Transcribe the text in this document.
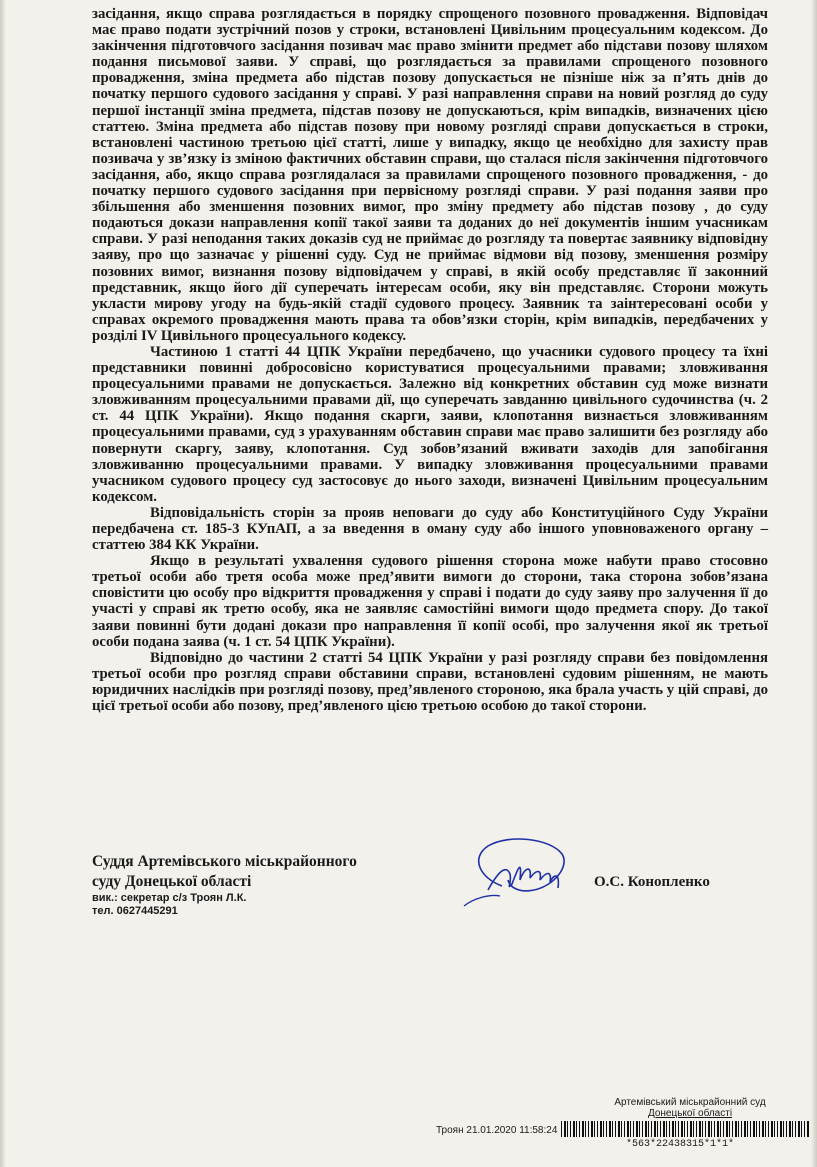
засідання, якщо справа розглядається в порядку спрощеного позовного провадження. Відповідач має право подати зустрічний позов у строки, встановлені Цивільним процесуальним кодексом. До закінчення підготовчого засідання позивач має право змінити предмет або підстави позову шляхом подання письмової заяви. У справі, що розглядається за правилами спрощеного позовного провадження, зміна предмета або підстав позову допускається не пізніше ніж за п’ять днів до початку першого судового засідання у справі. У разі направлення справи на новий розгляд до суду першої інстанції зміна предмета, підстав позову не допускаються, крім випадків, визначених цією статтею. Зміна предмета або підстав позову при новому розгляді справи допускається в строки, встановлені частиною третьою цієї статті, лише у випадку, якщо це необхідно для захисту прав позивача у зв’язку із зміною фактичних обставин справи, що сталася після закінчення підготовчого засідання, або, якщо справа розглядалася за правилами спрощеного позовного провадження, - до початку першого судового засідання при первісному розгляді справи. У разі подання заяви про збільшення або зменшення позовних вимог, про зміну предмету або підстав позову , до суду подаються докази направлення копії такої заяви та доданих до неї документів іншим учасникам справи. У разі неподання таких доказів суд не приймає до розгляду та повертає заявнику відповідну заяву, про що зазначає у рішенні суду. Суд не приймає відмови від позову, зменшення розміру позовних вимог, визнання позову відповідачем у справі, в якій особу представляє її законний представник, якщо його дії суперечать інтересам особи, яку він представляє. Сторони можуть укласти мирову угоду на будь-якій стадії судового процесу. Заявник та заінтересовані особи у справах окремого провадження мають права та обов’язки сторін, крім випадків, передбачених у розділі IV Цивільного процесуального кодексу.

Частиною 1 статті 44 ЦПК України передбачено, що учасники судового процесу та їхні представники повинні добросовісно користуватися процесуальними правами; зловживання процесуальними правами не допускається. Залежно від конкретних обставин суд може визнати зловживанням процесуальними правами дії, що суперечать завданню цивільного судочинства (ч. 2 ст. 44 ЦПК України). Якщо подання скарги, заяви, клопотання визнається зловживанням процесуальними правами, суд з урахуванням обставин справи має право залишити без розгляду або повернути скаргу, заяву, клопотання. Суд зобов’язаний вживати заходів для запобігання зловживанню процесуальними правами. У випадку зловживання процесуальними правами учасником судового процесу суд застосовує до нього заходи, визначені Цивільним процесуальним кодексом.

Відповідальність сторін за прояв неповаги до суду або Конституційного Суду України передбачена ст. 185-3 КУпАП, а за введення в оману суду або іншого уповноваженого органу – статтею 384 КК України.

Якщо в результаті ухвалення судового рішення сторона може набути право стосовно третьої особи або третя особа може пред’явити вимоги до сторони, така сторона зобов’язана сповістити цю особу про відкриття провадження у справі і подати до суду заяву про залучення її до участі у справі як третю особу, яка не заявляє самостійні вимоги щодо предмета спору. До такої заяви повинні бути додані докази про направлення її копії особі, про залучення якої як третьої особи подана заява (ч. 1 ст. 54 ЦПК України).

Відповідно до частини 2 статті 54 ЦПК України у разі розгляду справи без повідомлення третьої особи про розгляд справи обставини справи, встановлені судовим рішенням, не мають юридичних наслідків при розгляді позову, пред’явленого стороною, яка брала участь у цій справі, до цієї третьої особи або позову, пред’явленого цією третьою особою до такої сторони.

Суддя Артемівського міськрайонного
суду Донецької області
вик.: секретар с/з Троян Л.К.
тел. 0627445291
О.С. Конопленко
Артемівський міськрайонний суд
Донецької області
Троян 21.01.2020 11:58:24
*563*22438315*1*1*
